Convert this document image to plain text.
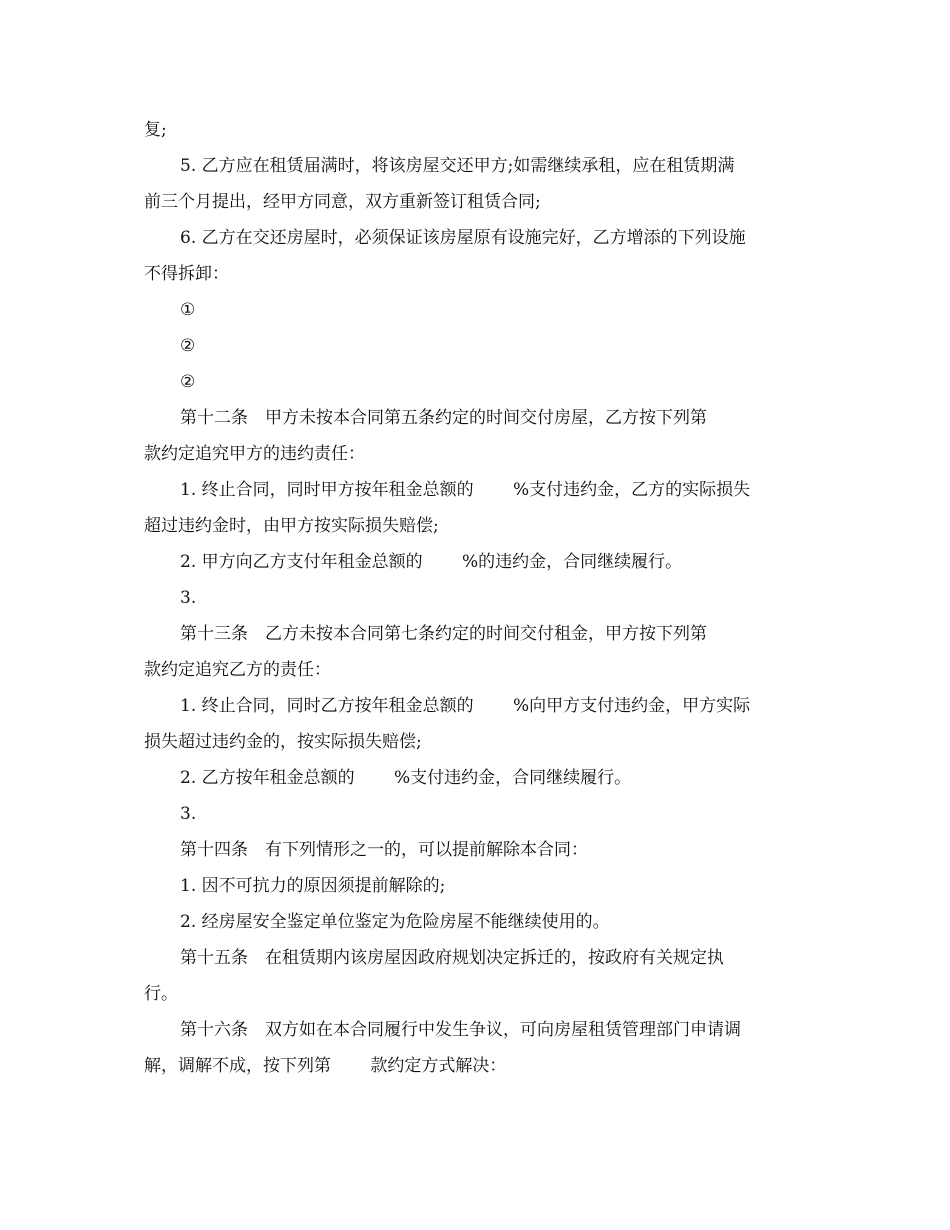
复;
5. 乙方应在租赁届满时，将该房屋交还甲方;如需继续承租，应在租赁期满
前三个月提出，经甲方同意，双方重新签订租赁合同;
6. 乙方在交还房屋时，必须保证该房屋原有设施完好，乙方增添的下列设施
不得拆卸：
①
②
②
第十二条　甲方未按本合同第五条约定的时间交付房屋，乙方按下列第
款约定追究甲方的违约责任：
1. 终止合同，同时甲方按年租金总额的　　 %支付违约金，乙方的实际损失
超过违约金时，由甲方按实际损失赔偿;
2. 甲方向乙方支付年租金总额的　　 %的违约金，合同继续履行。
3.
第十三条　乙方未按本合同第七条约定的时间交付租金，甲方按下列第
款约定追究乙方的责任：
1. 终止合同，同时乙方按年租金总额的　　 %向甲方支付违约金，甲方实际
损失超过违约金的，按实际损失赔偿;
2. 乙方按年租金总额的　　 %支付违约金，合同继续履行。
3.
第十四条　有下列情形之一的，可以提前解除本合同：
1. 因不可抗力的原因须提前解除的;
2. 经房屋安全鉴定单位鉴定为危险房屋不能继续使用的。
第十五条　在租赁期内该房屋因政府规划决定拆迁的，按政府有关规定执
行。
第十六条　双方如在本合同履行中发生争议，可向房屋租赁管理部门申请调
解，调解不成，按下列第　　 款约定方式解决：
